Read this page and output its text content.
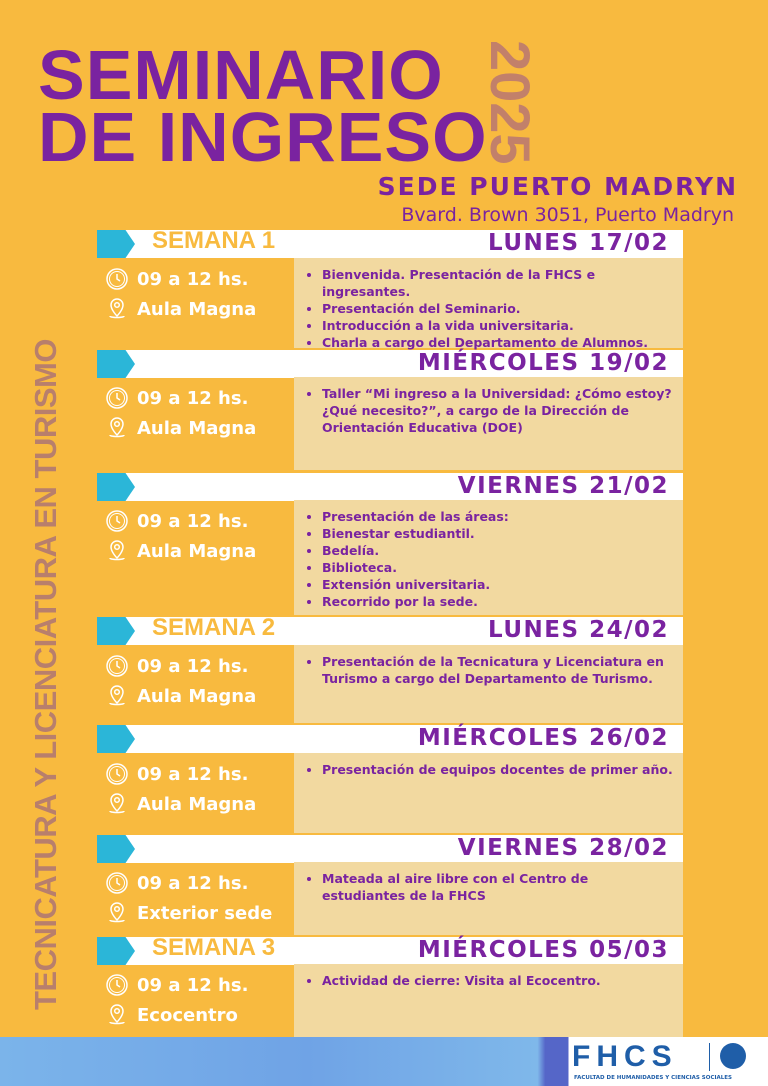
SEMINARIO
DE INGRESO
2025
SEDE PUERTO MADRYN
Bvard. Brown 3051, Puerto Madryn
TECNICATURA Y LICENCIATURA EN TURISMO
SEMANA 1	LUNES 17/02
• Bienvenida. Presentación de la FHCS e ingresantes.
• Presentación del Seminario.
• Introducción a la vida universitaria.
• Charla a cargo del Departamento de Alumnos.
09 a 12 hs.
Aula Magna
MIÉRCOLES 19/02
• Taller “Mi ingreso a la Universidad: ¿Cómo estoy? ¿Qué necesito?”, a cargo de la Dirección de Orientación Educativa (DOE)
09 a 12 hs.
Aula Magna
VIERNES 21/02
• Presentación de las áreas:
• Bienestar estudiantil.
• Bedelía.
• Biblioteca.
• Extensión universitaria.
• Recorrido por la sede.
09 a 12 hs.
Aula Magna
SEMANA 2	LUNES 24/02
• Presentación de la Tecnicatura y Licenciatura en Turismo a cargo del Departamento de Turismo.
09 a 12 hs.
Aula Magna
MIÉRCOLES 26/02
• Presentación de equipos docentes de primer año.
09 a 12 hs.
Aula Magna
VIERNES 28/02
• Mateada al aire libre con el Centro de estudiantes de la FHCS
09 a 12 hs.
Exterior sede
SEMANA 3	MIÉRCOLES 05/03
• Actividad de cierre: Visita al Ecocentro.
09 a 12 hs.
Ecocentro
FHCS
FACULTAD DE HUMANIDADES Y CIENCIAS SOCIALES
